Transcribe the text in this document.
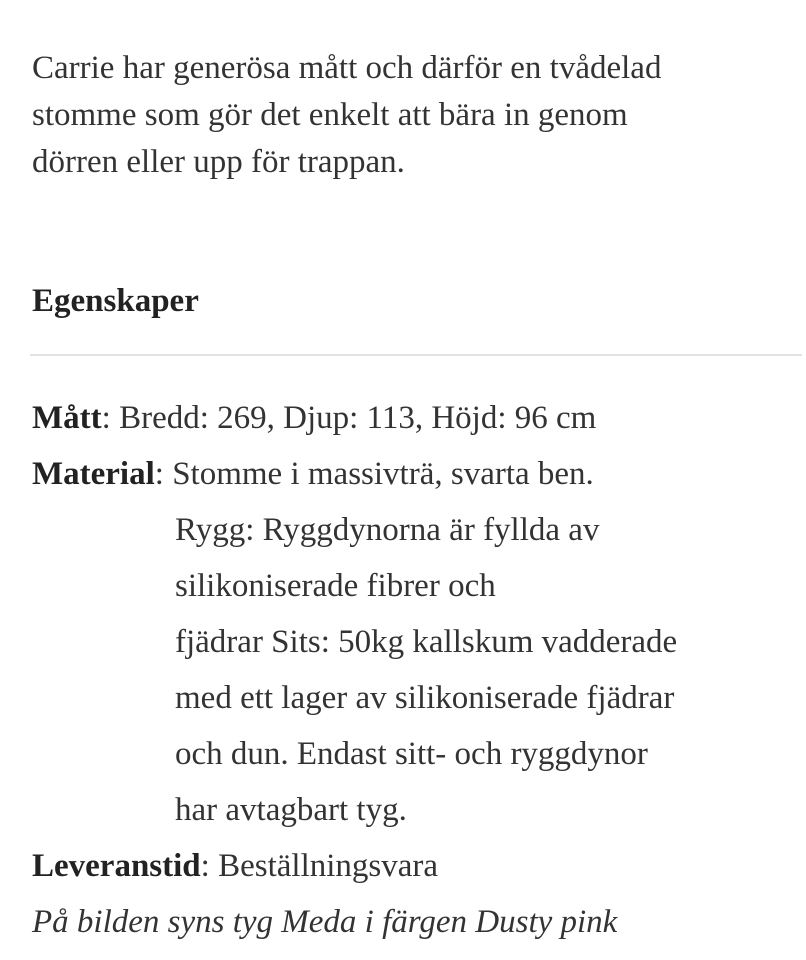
Carrie har generösa mått och därför en tvådelad
stomme som gör det enkelt att bära in genom
dörren eller upp för trappan.
Egenskaper
Mått: Bredd: 269, Djup: 113, Höjd: 96 cm
Material: Stomme i massivträ, svarta ben.
Rygg: Ryggdynorna är fyllda av
silikoniserade fibrer och
fjädrar Sits: 50kg kallskum vadderade
med ett lager av silikoniserade fjädrar
och dun. Endast sitt- och ryggdynor
har avtagbart tyg.
Leveranstid: Beställningsvara
På bilden syns tyg Meda i färgen Dusty pink
